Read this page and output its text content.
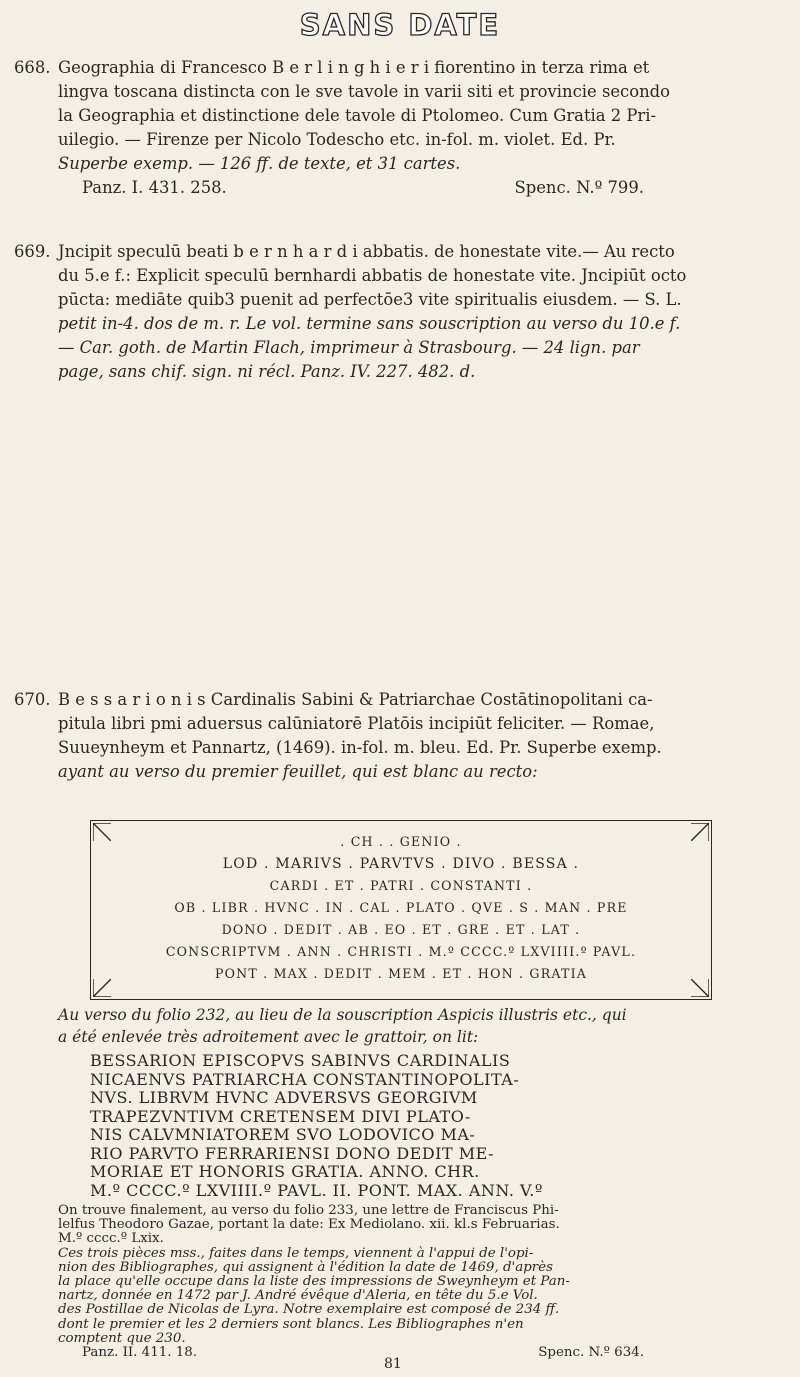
SANS DATE
668. Geographia di Francesco B e r l i n g h i e r i fiorentino in terza rima et

lingva toscana distincta con le sve tavole in varii siti et provincie secondo

la Geographia et distinctione dele tavole di Ptolomeo. Cum Gratia 2 Pri-

uilegio. — Firenze per Nicolo Todescho etc. in-fol. m. violet. Ed. Pr.

Superbe exemp. — 126 ff. de texte, et 31 cartes.

Panz. I. 431. 258.	Spenc. N.º 799.
669. Jncipit speculū beati b e r n h a r d i abbatis. de honestate vite.— Au recto

du 5.e f.: Explicit speculū bernhardi abbatis de honestate vite. Jncipiūt octo

pūcta: mediāte quib3 puenit ad perfectōe3 vite spiritualis eiusdem. — S. L.

petit in-4. dos de m. r. Le vol. termine sans souscription au verso du 10.e f.

— Car. goth. de Martin Flach, imprimeur à Strasbourg. — 24 lign. par

page, sans chif. sign. ni récl. Panz. IV. 227. 482. d.

670. B e s s a r i o n i s Cardinalis Sabini & Patriarchae Costātinopolitani ca-

pitula libri pmi aduersus calūniatorē Platōis incipiūt feliciter. — Romae,

Suueynheym et Pannartz, (1469). in-fol. m. bleu. Ed. Pr. Superbe exemp.

ayant au verso du premier feuillet, qui est blanc au recto:

. CH . . GENIO .
LOD . MARIVS . PARVTVS . DIVO . BESSA .
CARDI . ET . PATRI . CONSTANTI .
OB . LIBR . HVNC . IN . CAL . PLATO . QVE . S . MAN . PRE
DONO . DEDIT . AB . EO . ET . GRE . ET . LAT .
CONSCRIPTVM . ANN . CHRISTI . M.º CCCC.º LXVIIII.º PAVL.
PONT . MAX . DEDIT . MEM . ET . HON . GRATIA

Au verso du folio 232, au lieu de la souscription Aspicis illustris etc., qui

a été enlevée très adroitement avec le grattoir, on lit:

BESSARION EPISCOPVS SABINVS CARDINALIS
NICAENVS PATRIARCHA CONSTANTINOPOLITA-
NVS. LIBRVM HVNC ADVERSVS GEORGIVM
TRAPEZVNTIVM CRETENSEM DIVI PLATO-
NIS CALVMNIATOREM SVO LODOVICO MA-
RIO PARVTO FERRARIENSI DONO DEDIT ME-
MORIAE ET HONORIS GRATIA. ANNO. CHR.
M.º CCCC.º LXVIIII.º PAVL. II. PONT. MAX. ANN. V.º

On trouve finalement, au verso du folio 233, une lettre de Franciscus Phi-

lelfus Theodoro Gazae, portant la date: Ex Mediolano. xii. kl.s Februarias.

M.º cccc.º Lxix.

Ces trois pièces mss., faites dans le temps, viennent à l'appui de l'opi-

nion des Bibliographes, qui assignent à l'édition la date de 1469, d'après

la place qu'elle occupe dans la liste des impressions de Sweynheym et Pan-

nartz, donnée en 1472 par J. André évêque d'Aleria, en tête du 5.e Vol.

des Postillae de Nicolas de Lyra. Notre exemplaire est composé de 234 ff.

dont le premier et les 2 derniers sont blancs. Les Bibliographes n'en

comptent que 230.

Panz. II. 411. 18.	Spenc. N.º 634.
81
